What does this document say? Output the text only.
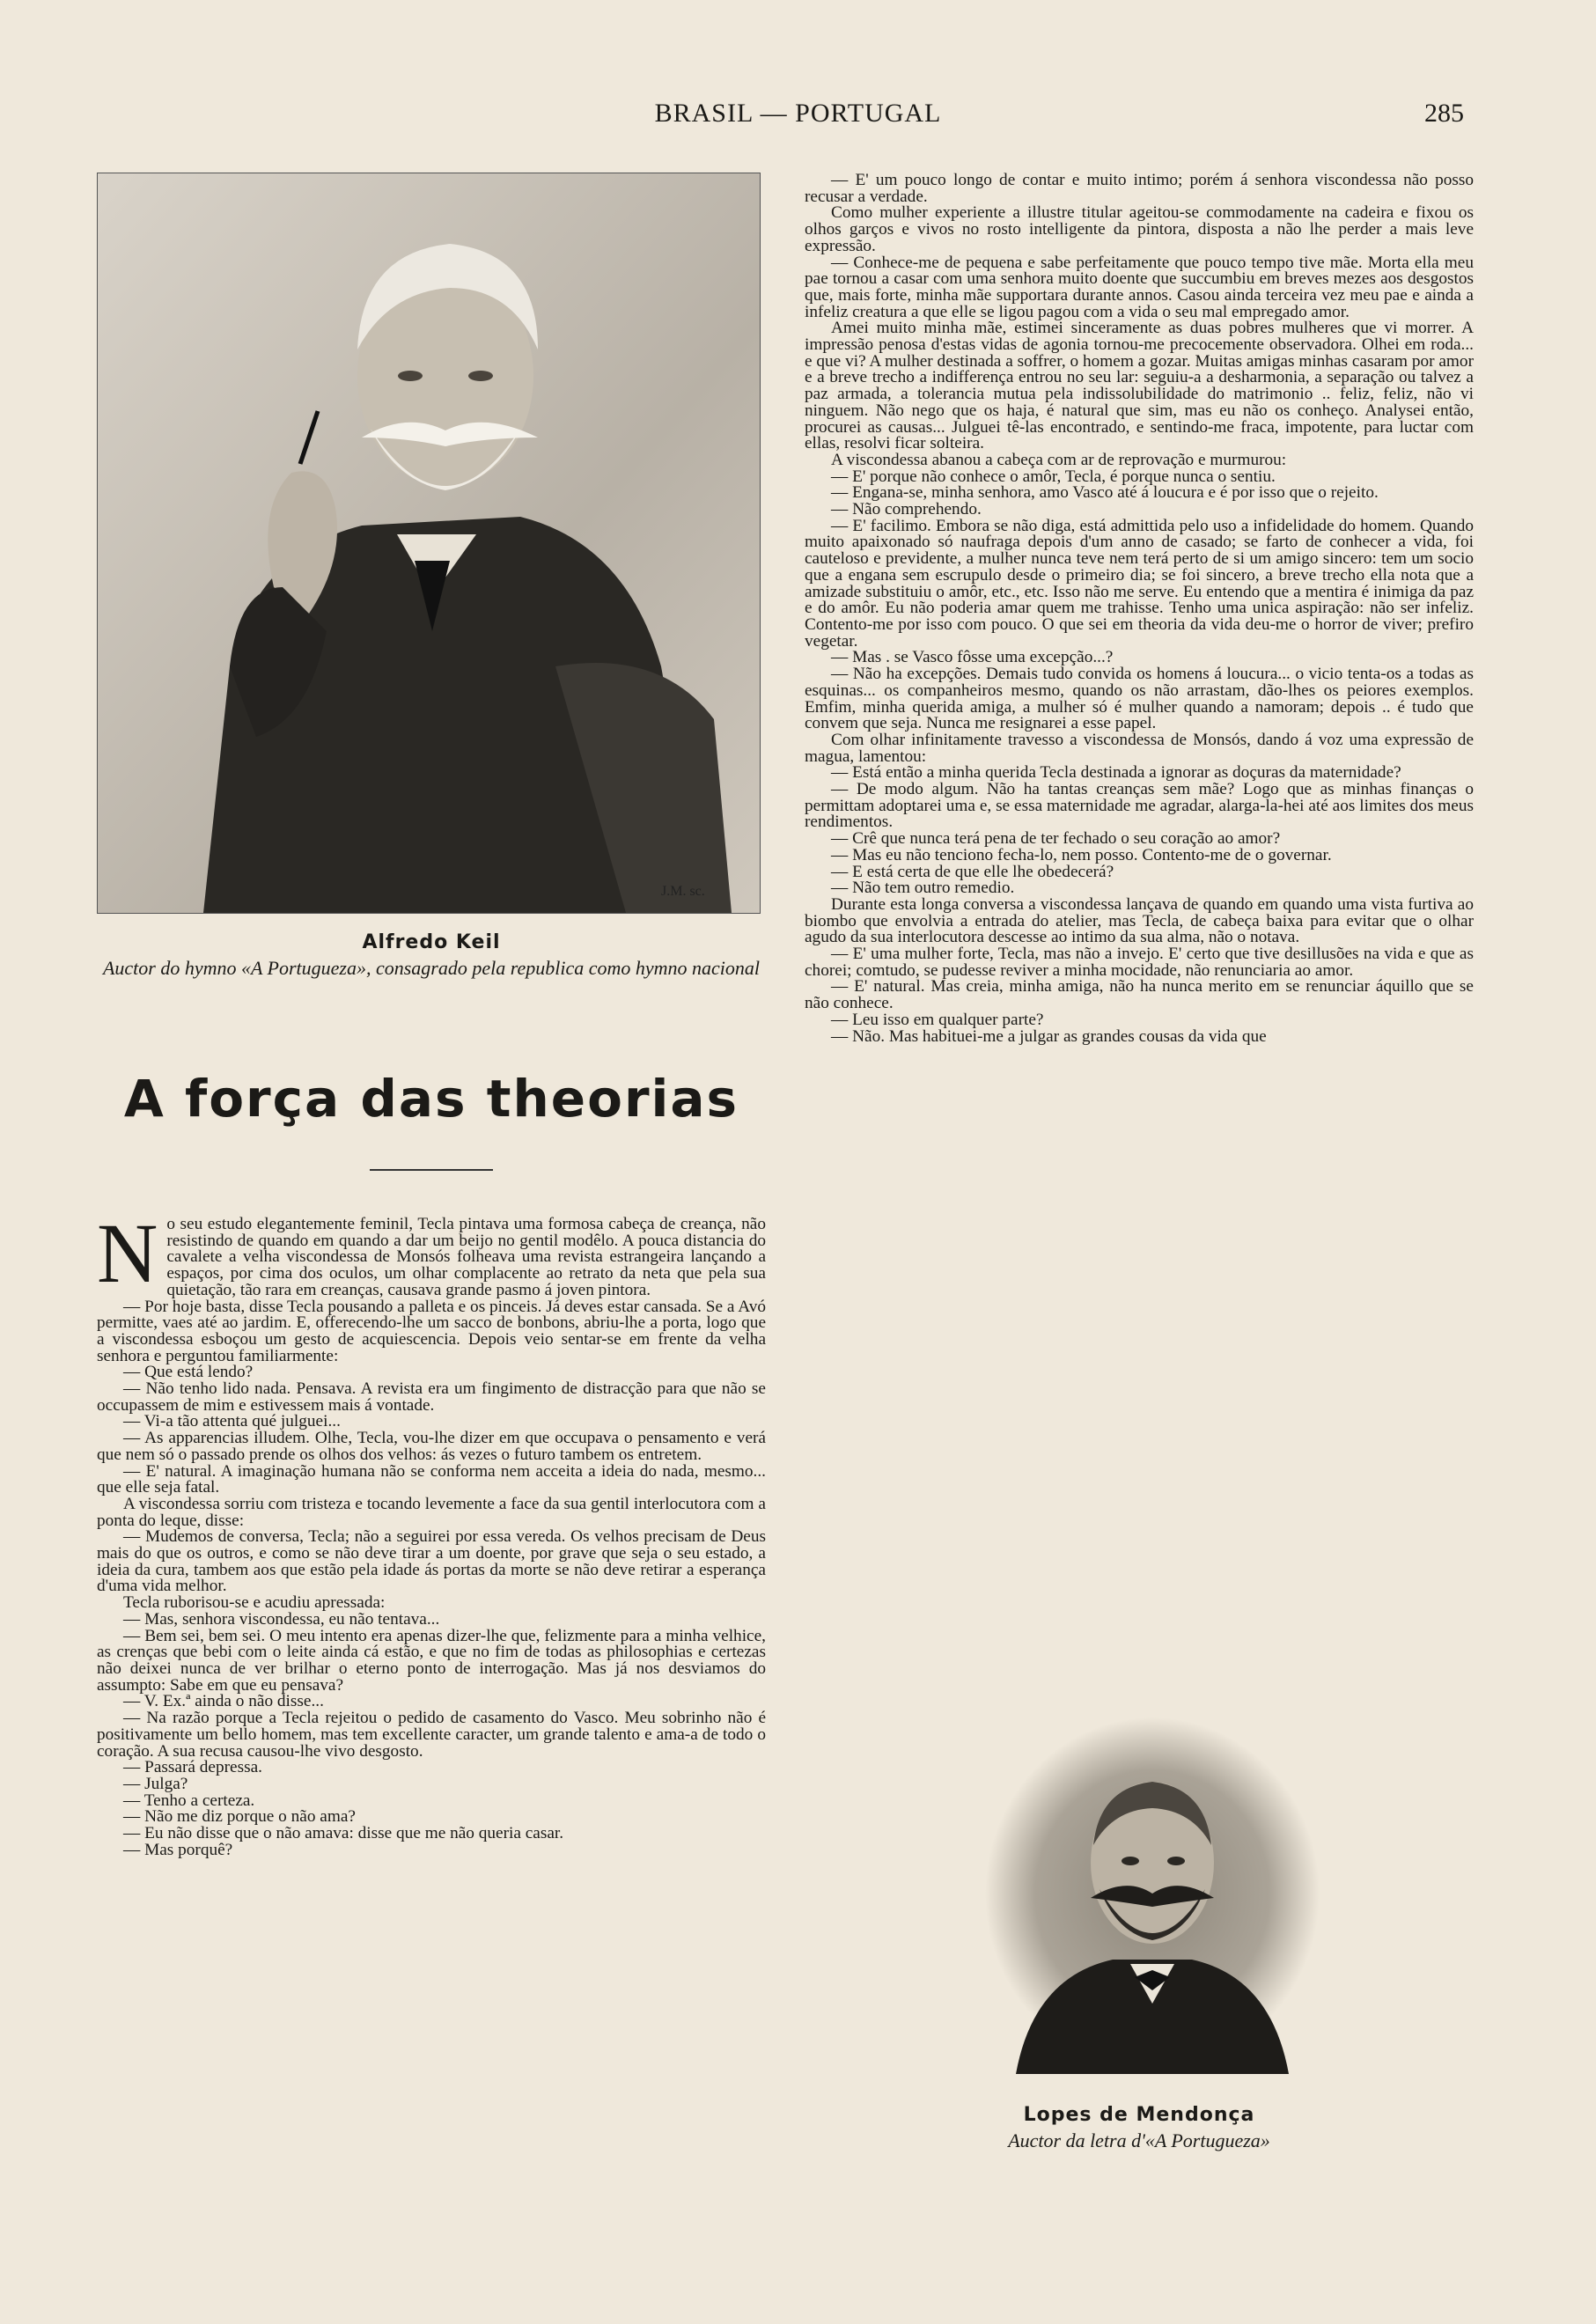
BRASIL — PORTUGAL	285
J.M. sc.
Alfredo Keil
Auctor do hymno «A Portugueza», consagrado pela republica como hymno nacional
A força das theorias

No seu estudo elegantemente feminil, Tecla pintava uma formosa cabeça de creança, não resistindo de quando em quando a dar um beijo no gentil modêlo. A pouca distancia do cavalete a velha viscondessa de Monsós folheava uma revista estrangeira lançando a espaços, por cima dos oculos, um olhar complacente ao retrato da neta que pela sua quietação, tão rara em creanças, causava grande pasmo á joven pintora.

— Por hoje basta, disse Tecla pousando a palleta e os pinceis. Já deves estar cansada. Se a Avó permitte, vaes até ao jardim. E, offerecendo-lhe um sacco de bonbons, abriu-lhe a porta, logo que a viscondessa esboçou um gesto de acquiescencia. Depois veio sentar-se em frente da velha senhora e perguntou familiarmente:

— Que está lendo?

— Não tenho lido nada. Pensava. A revista era um fingimento de distracção para que não se occupassem de mim e estivessem mais á vontade.

— Vi-a tão attenta qué julguei...

— As apparencias illudem. Olhe, Tecla, vou-lhe dizer em que occupava o pensamento e verá que nem só o passado prende os olhos dos velhos: ás vezes o futuro tambem os entretem.

— E' natural. A imaginação humana não se conforma nem acceita a ideia do nada, mesmo... que elle seja fatal.

A viscondessa sorriu com tristeza e tocando levemente a face da sua gentil interlocutora com a ponta do leque, disse:

— Mudemos de conversa, Tecla; não a seguirei por essa vereda. Os velhos precisam de Deus mais do que os outros, e como se não deve tirar a um doente, por grave que seja o seu estado, a ideia da cura, tambem aos que estão pela idade ás portas da morte se não deve retirar a esperança d'uma vida melhor.

Tecla ruborisou-se e acudiu apressada:

— Mas, senhora viscondessa, eu não tentava...

— Bem sei, bem sei. O meu intento era apenas dizer-lhe que, felizmente para a minha velhice, as crenças que bebi com o leite ainda cá estão, e que no fim de todas as philosophias e certezas não deixei nunca de ver brilhar o eterno ponto de interrogação. Mas já nos desviamos do assumpto: Sabe em que eu pensava?

— V. Ex.ª ainda o não disse...

— Na razão porque a Tecla rejeitou o pedido de casamento do Vasco. Meu sobrinho não é positivamente um bello homem, mas tem excellente caracter, um grande talento e ama-a de todo o coração. A sua recusa causou-lhe vivo desgosto.

— Passará depressa.

— Julga?

— Tenho a certeza.

— Não me diz porque o não ama?

— Eu não disse que o não amava: disse que me não queria casar.

— Mas porquê?

— E' um pouco longo de contar e muito intimo; porém á senhora viscondessa não posso recusar a verdade.

Como mulher experiente a illustre titular ageitou-se commodamente na cadeira e fixou os olhos garços e vivos no rosto intelligente da pintora, disposta a não lhe perder a mais leve expressão.

— Conhece-me de pequena e sabe perfeitamente que pouco tempo tive mãe. Morta ella meu pae tornou a casar com uma senhora muito doente que succumbiu em breves mezes aos desgostos que, mais forte, minha mãe supportara durante annos. Casou ainda terceira vez meu pae e ainda a infeliz creatura a que elle se ligou pagou com a vida o seu mal empregado amor.

Amei muito minha mãe, estimei sinceramente as duas pobres mulheres que vi morrer. A impressão penosa d'estas vidas de agonia tornou-me precocemente observadora. Olhei em roda... e que vi? A mulher destinada a soffrer, o homem a gozar. Muitas amigas minhas casaram por amor e a breve trecho a indifferença entrou no seu lar: seguiu-a a desharmonia, a separação ou talvez a paz armada, a tolerancia mutua pela indissolubilidade do matrimonio .. feliz, feliz, não vi ninguem. Não nego que os haja, é natural que sim, mas eu não os conheço. Analysei então, procurei as causas... Julguei tê-las encontrado, e sentindo-me fraca, impotente, para luctar com ellas, resolvi ficar solteira.

A viscondessa abanou a cabeça com ar de reprovação e murmurou:

— E' porque não conhece o amôr, Tecla, é porque nunca o sentiu.

— Engana-se, minha senhora, amo Vasco até á loucura e é por isso que o rejeito.

— Não comprehendo.

— E' facilimo. Embora se não diga, está admittida pelo uso a infidelidade do homem. Quando muito apaixonado só naufraga depois d'um anno de casado; se farto de conhecer a vida, foi cauteloso e previdente, a mulher nunca teve nem terá perto de si um amigo sincero: tem um socio que a engana sem escrupulo desde o primeiro dia; se foi sincero, a breve trecho ella nota que a amizade substituiu o amôr, etc., etc. Isso não me serve. Eu entendo que a mentira é inimiga da paz e do amôr. Eu não poderia amar quem me trahisse. Tenho uma unica aspiração: não ser infeliz. Contento-me por isso com pouco. O que sei em theoria da vida deu-me o horror de viver; prefiro vegetar.

— Mas . se Vasco fôsse uma excepção...?

— Não ha excepções. Demais tudo convida os homens á loucura... o vicio tenta-os a todas as esquinas... os companheiros mesmo, quando os não arrastam, dão-lhes os peiores exemplos. Emfim, minha querida amiga, a mulher só é mulher quando a namoram; depois .. é tudo que convem que seja. Nunca me resignarei a esse papel.

Com olhar infinitamente travesso a viscondessa de Monsós, dando á voz uma expressão de magua, lamentou:

— Está então a minha querida Tecla destinada a ignorar as doçuras da maternidade?

— De modo algum. Não ha tantas creanças sem mãe? Logo que as minhas finanças o permittam adoptarei uma e, se essa maternidade me agradar, alarga-la-hei até aos limites dos meus rendimentos.

— Crê que nunca terá pena de ter fechado o seu coração ao amor?

— Mas eu não tenciono fecha-lo, nem posso. Contento-me de o governar.

— E está certa de que elle lhe obedecerá?

— Não tem outro remedio.

Durante esta longa conversa a viscondessa lançava de quando em quando uma vista furtiva ao biombo que envolvia a entrada do atelier, mas Tecla, de cabeça baixa para evitar que o olhar agudo da sua interlocutora descesse ao intimo da sua alma, não o notava.

— E' uma mulher forte, Tecla, mas não a invejo. E' certo que tive desillusões na vida e que as chorei; comtudo, se pudesse reviver a minha mocidade, não renunciaria ao amor.

— E' natural. Mas creia, minha amiga, não ha nunca merito em se renunciar áquillo que se não conhece.

— Leu isso em qualquer parte?

— Não. Mas habituei-me a julgar as grandes cousas da vida que

Lopes de Mendonça
Auctor da letra d'«A Portugueza»
